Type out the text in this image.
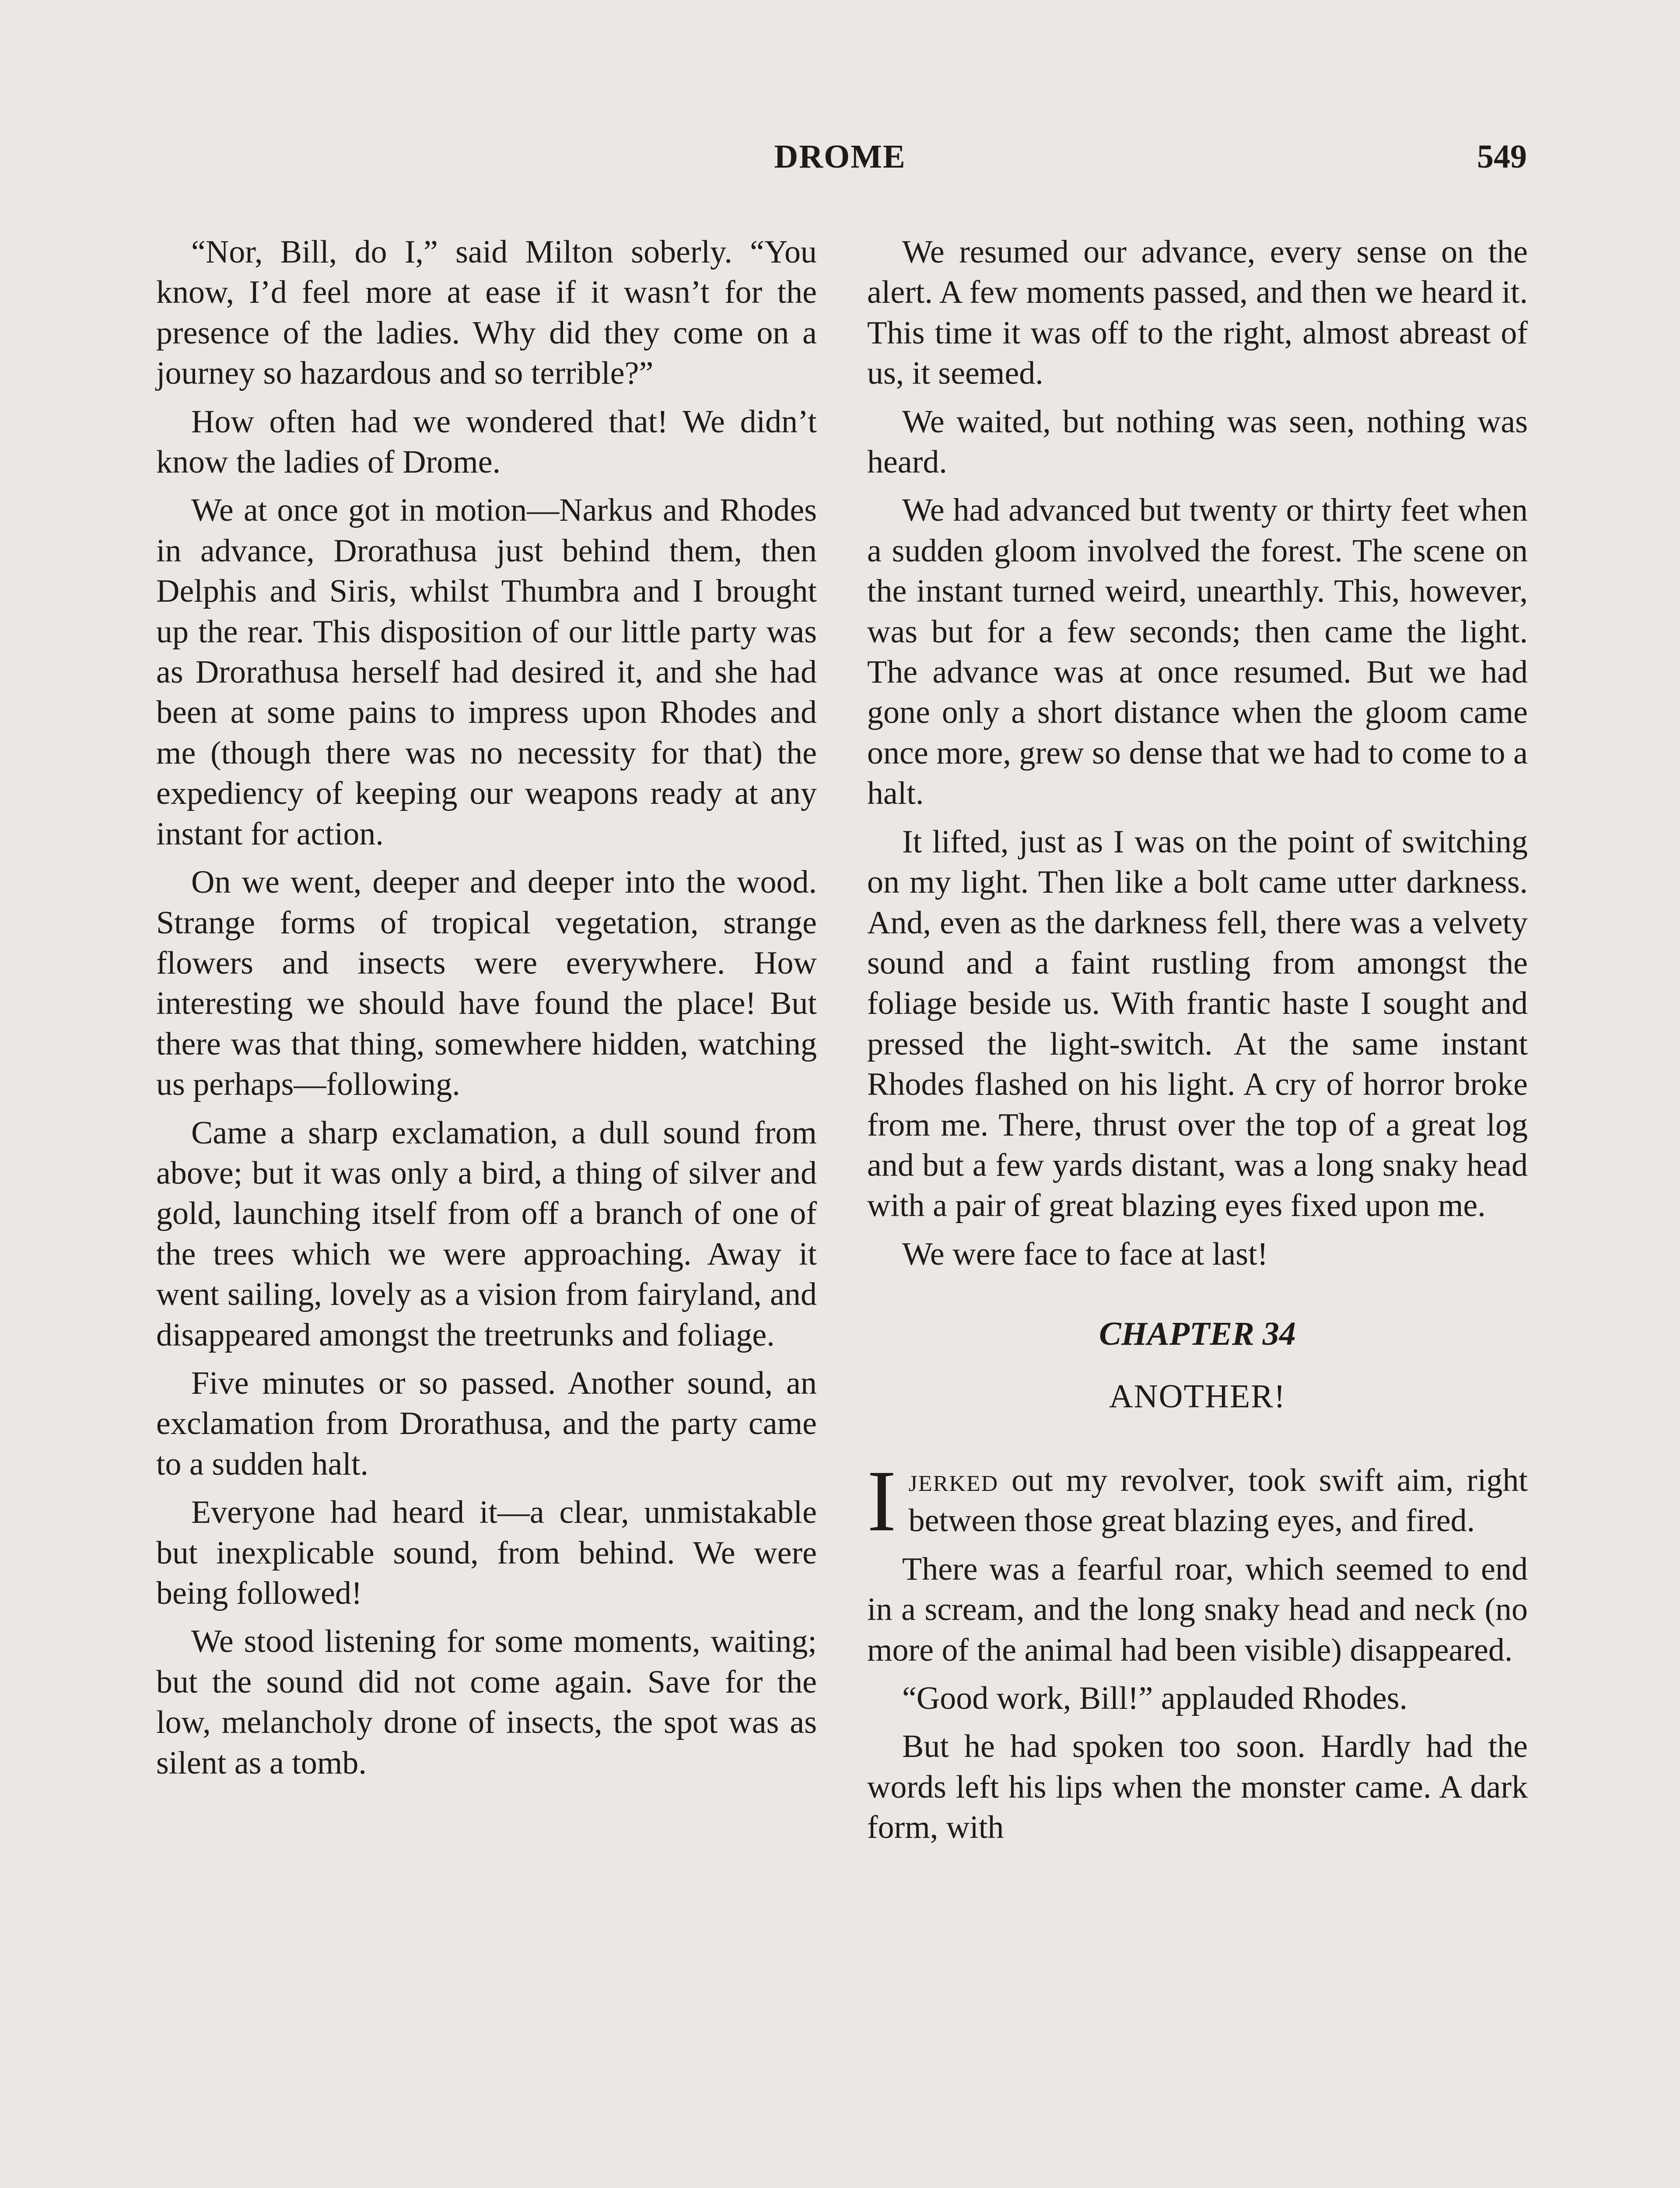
DROME	549

“Nor, Bill, do I,” said Milton soberly. “You know, I’d feel more at ease if it wasn’t for the presence of the ladies. Why did they come on a journey so hazardous and so terrible?”

How often had we wondered that! We didn’t know the ladies of Drome.

We at once got in motion—Narkus and Rhodes in advance, Drorathusa just behind them, then Delphis and Siris, whilst Thumbra and I brought up the rear. This disposition of our little party was as Drorathusa herself had desired it, and she had been at some pains to impress upon Rhodes and me (though there was no necessity for that) the expediency of keeping our weapons ready at any instant for action.

On we went, deeper and deeper into the wood. Strange forms of tropical vegetation, strange flowers and insects were everywhere. How interesting we should have found the place! But there was that thing, somewhere hidden, watching us perhaps—following.

Came a sharp exclamation, a dull sound from above; but it was only a bird, a thing of silver and gold, launching itself from off a branch of one of the trees which we were approaching. Away it went sailing, lovely as a vision from fairyland, and disappeared amongst the treetrunks and foliage.

Five minutes or so passed. Another sound, an exclamation from Drorathusa, and the party came to a sudden halt.

Everyone had heard it—a clear, unmistakable but inexplicable sound, from behind. We were being followed!

We stood listening for some moments, waiting; but the sound did not come again. Save for the low, melancholy drone of insects, the spot was as silent as a tomb.

We resumed our advance, every sense on the alert. A few moments passed, and then we heard it. This time it was off to the right, almost abreast of us, it seemed.

We waited, but nothing was seen, nothing was heard.

We had advanced but twenty or thirty feet when a sudden gloom involved the forest. The scene on the instant turned weird, unearthly. This, however, was but for a few seconds; then came the light. The advance was at once resumed. But we had gone only a short distance when the gloom came once more, grew so dense that we had to come to a halt.

It lifted, just as I was on the point of switching on my light. Then like a bolt came utter darkness. And, even as the darkness fell, there was a velvety sound and a faint rustling from amongst the foliage beside us. With frantic haste I sought and pressed the light-switch. At the same instant Rhodes flashed on his light. A cry of horror broke from me. There, thrust over the top of a great log and but a few yards distant, was a long snaky head with a pair of great blazing eyes fixed upon me.

We were face to face at last!

CHAPTER 34
ANOTHER!

Ijerked out my revolver, took swift aim, right between those great blazing eyes, and fired.

There was a fearful roar, which seemed to end in a scream, and the long snaky head and neck (no more of the animal had been visible) disappeared.

“Good work, Bill!” applauded Rhodes.

But he had spoken too soon. Hardly had the words left his lips when the monster came. A dark form, with
